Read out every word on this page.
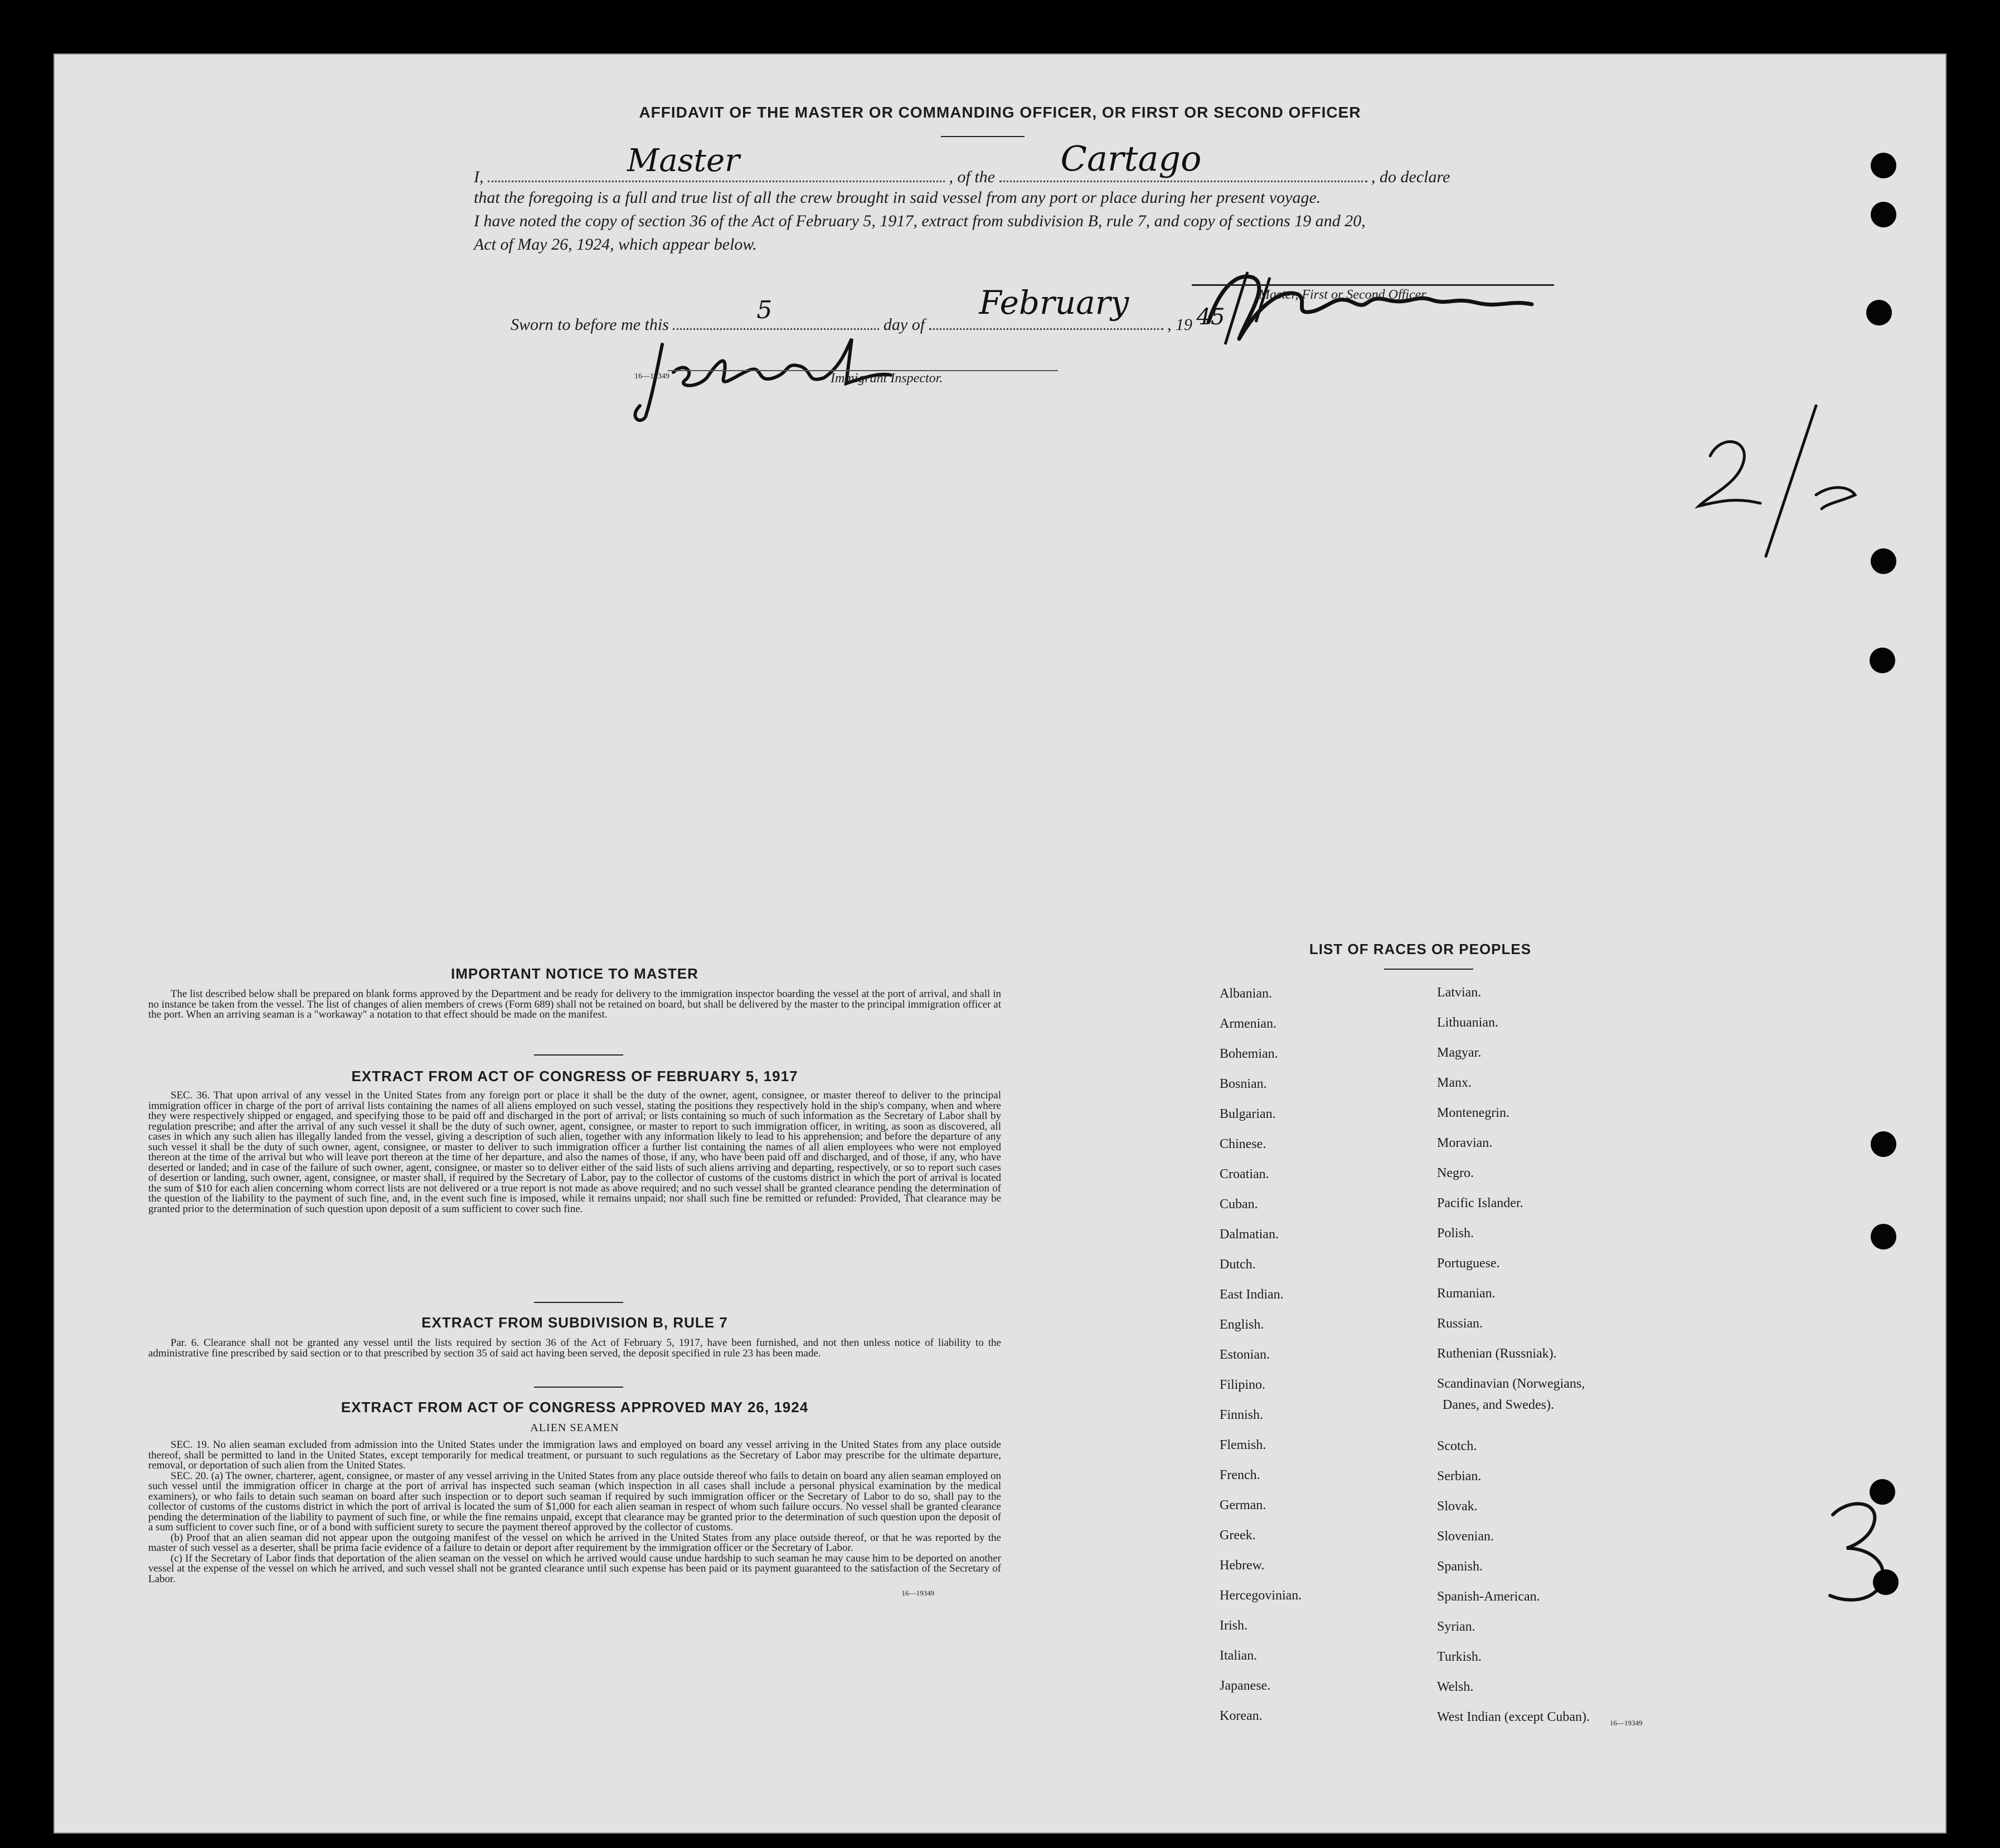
AFFIDAVIT OF THE MASTER OR COMMANDING OFFICER, OR FIRST OR SECOND OFFICER
I,	Master	, of the Cartago	, do declare
that the foregoing is a full and true list of all the crew brought in said vessel from any port or place during her present voyage.
I have noted the copy of section 36 of the Act of February 5, 1917, extract from subdivision B, rule 7, and copy of sections 19 and 20,
Act of May 26, 1924, which appear below.
Master, First or Second Officer.
Sworn to before me this
5
day of
February
, 19 45
16—19349	Immigrant Inspector.
IMPORTANT NOTICE TO MASTER
The list described below shall be prepared on blank forms approved by the Department and be ready for delivery to the immigration inspector boarding the vessel at the port of arrival, and shall in no instance be taken from the vessel. The list of changes of alien members of crews (Form 689) shall not be retained on board, but shall be delivered by the master to the principal immigration officer at the port. When an arriving seaman is a "workaway" a notation to that effect should be made on the manifest.
EXTRACT FROM ACT OF CONGRESS OF FEBRUARY 5, 1917
SEC. 36. That upon arrival of any vessel in the United States from any foreign port or place it shall be the duty of the owner, agent, consignee, or master thereof to deliver to the principal immigration officer in charge of the port of arrival lists containing the names of all aliens employed on such vessel, stating the positions they respectively hold in the ship's company, when and where they were respectively shipped or engaged, and specifying those to be paid off and discharged in the port of arrival; or lists containing so much of such information as the Secretary of Labor shall by regulation prescribe; and after the arrival of any such vessel it shall be the duty of such owner, agent, consignee, or master to report to such immigration officer, in writing, as soon as discovered, all cases in which any such alien has illegally landed from the vessel, giving a description of such alien, together with any information likely to lead to his apprehension; and before the departure of any such vessel it shall be the duty of such owner, agent, consignee, or master to deliver to such immigration officer a further list containing the names of all alien employees who were not employed thereon at the time of the arrival but who will leave port thereon at the time of her departure, and also the names of those, if any, who have been paid off and discharged, and of those, if any, who have deserted or landed; and in case of the failure of such owner, agent, consignee, or master so to deliver either of the said lists of such aliens arriving and departing, respectively, or so to report such cases of desertion or landing, such owner, agent, consignee, or master shall, if required by the Secretary of Labor, pay to the collector of customs of the customs district in which the port of arrival is located the sum of $10 for each alien concerning whom correct lists are not delivered or a true report is not made as above required; and no such vessel shall be granted clearance pending the determination of the question of the liability to the payment of such fine, and, in the event such fine is imposed, while it remains unpaid; nor shall such fine be remitted or refunded: Provided, That clearance may be granted prior to the determination of such question upon deposit of a sum sufficient to cover such fine.
EXTRACT FROM SUBDIVISION B, RULE 7
Par. 6. Clearance shall not be granted any vessel until the lists required by section 36 of the Act of February 5, 1917, have been furnished, and not then unless notice of liability to the administrative fine prescribed by said section or to that prescribed by section 35 of said act having been served, the deposit specified in rule 23 has been made.
EXTRACT FROM ACT OF CONGRESS APPROVED MAY 26, 1924
ALIEN SEAMEN
SEC. 19. No alien seaman excluded from admission into the United States under the immigration laws and employed on board any vessel arriving in the United States from any place outside thereof, shall be permitted to land in the United States, except temporarily for medical treatment, or pursuant to such regulations as the Secretary of Labor may prescribe for the ultimate departure, removal, or deportation of such alien from the United States.
SEC. 20. (a) The owner, charterer, agent, consignee, or master of any vessel arriving in the United States from any place outside thereof who fails to detain on board any alien seaman employed on such vessel until the immigration officer in charge at the port of arrival has inspected such seaman (which inspection in all cases shall include a personal physical examination by the medical examiners), or who fails to detain such seaman on board after such inspection or to deport such seaman if required by such immigration officer or the Secretary of Labor to do so, shall pay to the collector of customs of the customs district in which the port of arrival is located the sum of $1,000 for each alien seaman in respect of whom such failure occurs. No vessel shall be granted clearance pending the determination of the liability to payment of such fine, or while the fine remains unpaid, except that clearance may be granted prior to the determination of such question upon the deposit of a sum sufficient to cover such fine, or of a bond with sufficient surety to secure the payment thereof approved by the collector of customs.
(b) Proof that an alien seaman did not appear upon the outgoing manifest of the vessel on which he arrived in the United States from any place outside thereof, or that he was reported by the master of such vessel as a deserter, shall be prima facie evidence of a failure to detain or deport after requirement by the immigration officer or the Secretary of Labor.
(c) If the Secretary of Labor finds that deportation of the alien seaman on the vessel on which he arrived would cause undue hardship to such seaman he may cause him to be deported on another vessel at the expense of the vessel on which he arrived, and such vessel shall not be granted clearance until such expense has been paid or its payment guaranteed to the satisfaction of the Secretary of Labor.
16—19349
LIST OF RACES OR PEOPLES
16—19349
Albanian.
Armenian.
Bohemian.
Bosnian.
Bulgarian.
Chinese.
Croatian.
Cuban.
Dalmatian.
Dutch.
East Indian.
English.
Estonian.
Filipino.
Finnish.
Flemish.
French.
German.
Greek.
Hebrew.
Hercegovinian.
Irish.
Italian.
Japanese.
Korean.
Latvian.
Lithuanian.
Magyar.
Manx.
Montenegrin.
Moravian.
Negro.
Pacific Islander.
Polish.
Portuguese.
Rumanian.
Russian.
Ruthenian (Russniak).
Scandinavian (Norwegians,
Danes, and Swedes).
Scotch.
Serbian.
Slovak.
Slovenian.
Spanish.
Spanish-American.
Syrian.
Turkish.
Welsh.
West Indian (except Cuban).
